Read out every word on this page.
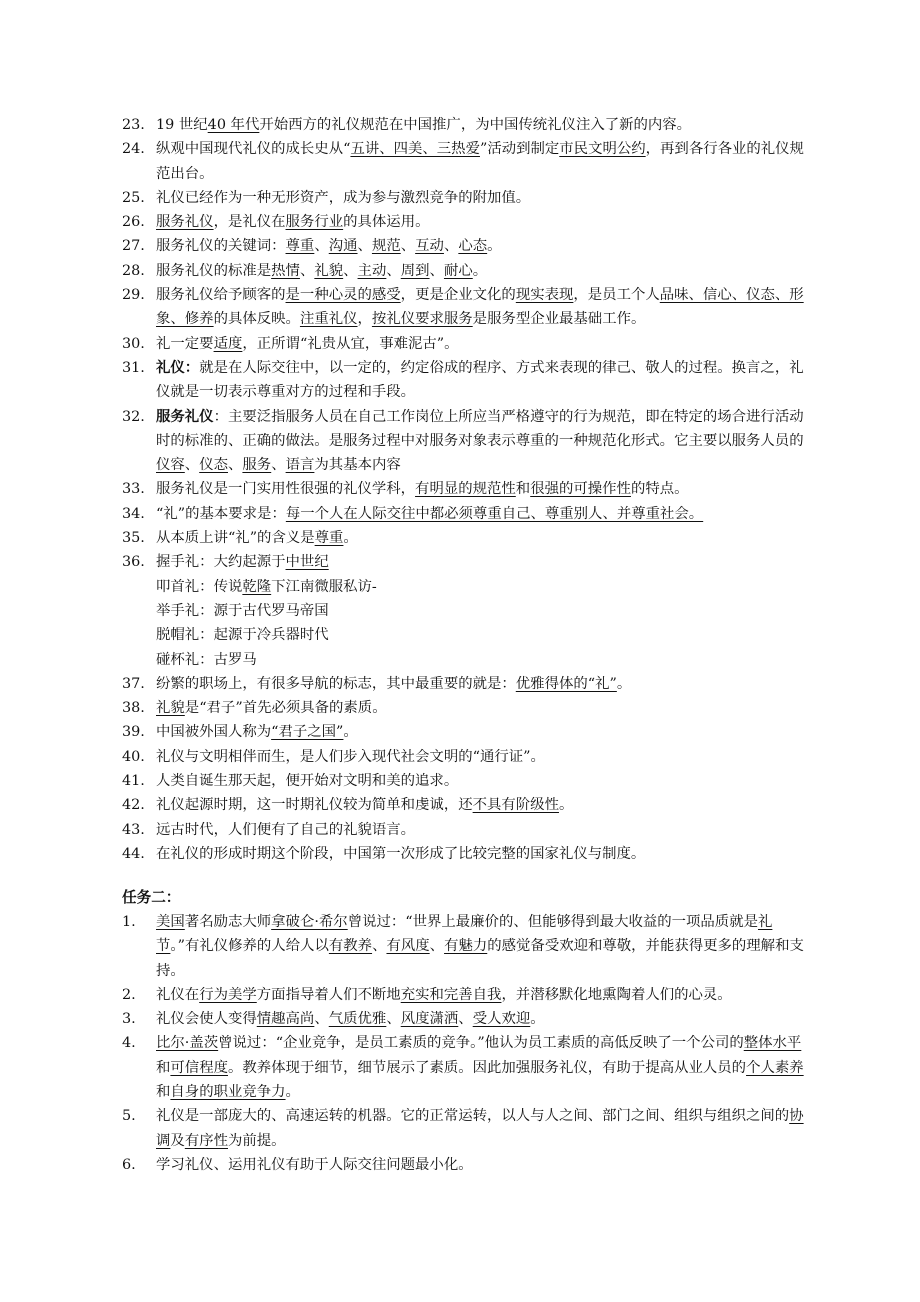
23. 19 世纪40 年代开始西方的礼仪规范在中国推广，为中国传统礼仪注入了新的内容。
24. 纵观中国现代礼仪的成长史从“五讲、四美、三热爱”活动到制定市民文明公约，再到各行各业的礼仪规范出台。
25. 礼仪已经作为一种无形资产，成为参与激烈竞争的附加值。
26. 服务礼仪，是礼仪在服务行业的具体运用。
27. 服务礼仪的关键词：尊重、沟通、规范、互动、心态。
28. 服务礼仪的标准是热情、礼貌、主动、周到、耐心。
29. 服务礼仪给予顾客的是一种心灵的感受，更是企业文化的现实表现，是员工个人品味、信心、仪态、形象、修养的具体反映。注重礼仪，按礼仪要求服务是服务型企业最基础工作。
30. 礼一定要适度，正所谓“礼贵从宜，事难泥古”。
31. 礼仪：就是在人际交往中，以一定的，约定俗成的程序、方式来表现的律己、敬人的过程。换言之，礼仪就是一切表示尊重对方的过程和手段。
32. 服务礼仪：主要泛指服务人员在自己工作岗位上所应当严格遵守的行为规范，即在特定的场合进行活动时的标准的、正确的做法。是服务过程中对服务对象表示尊重的一种规范化形式。它主要以服务人员的仪容、仪态、服务、语言为其基本内容
33. 服务礼仪是一门实用性很强的礼仪学科，有明显的规范性和很强的可操作性的特点。
34. “礼”的基本要求是：每一个人在人际交往中都必须尊重自己、尊重别人、并尊重社会。
35. 从本质上讲“礼”的含义是尊重。
36. 握手礼：大约起源于中世纪
叩首礼：传说乾隆下江南微服私访-
举手礼：源于古代罗马帝国
脱帽礼：起源于冷兵器时代
碰杯礼：古罗马
37. 纷繁的职场上，有很多导航的标志，其中最重要的就是：优雅得体的“礼”。
38. 礼貌是“君子”首先必须具备的素质。
39. 中国被外国人称为“君子之国”。
40. 礼仪与文明相伴而生，是人们步入现代社会文明的“通行证”。
41. 人类自诞生那天起，便开始对文明和美的追求。
42. 礼仪起源时期，这一时期礼仪较为简单和虔诚，还不具有阶级性。
43. 远古时代，人们便有了自己的礼貌语言。
44. 在礼仪的形成时期这个阶段，中国第一次形成了比较完整的国家礼仪与制度。
任务二：
1.	美国著名励志大师拿破仑·希尔曾说过：“世界上最廉价的、但能够得到最大收益的一项品质就是礼节。”有礼仪修养的人给人以有教养、有风度、有魅力的感觉备受欢迎和尊敬，并能获得更多的理解和支持。
2.	礼仪在行为美学方面指导着人们不断地充实和完善自我，并潜移默化地熏陶着人们的心灵。
3.	礼仪会使人变得情趣高尚、气质优雅、风度潇洒、受人欢迎。
4.	比尔·盖茨曾说过：“企业竞争，是员工素质的竞争。”他认为员工素质的高低反映了一个公司的整体水平和可信程度。教养体现于细节，细节展示了素质。因此加强服务礼仪，有助于提高从业人员的个人素养和自身的职业竞争力。
5.	礼仪是一部庞大的、高速运转的机器。它的正常运转，以人与人之间、部门之间、组织与组织之间的协调及有序性为前提。
6.	学习礼仪、运用礼仪有助于人际交往问题最小化。
